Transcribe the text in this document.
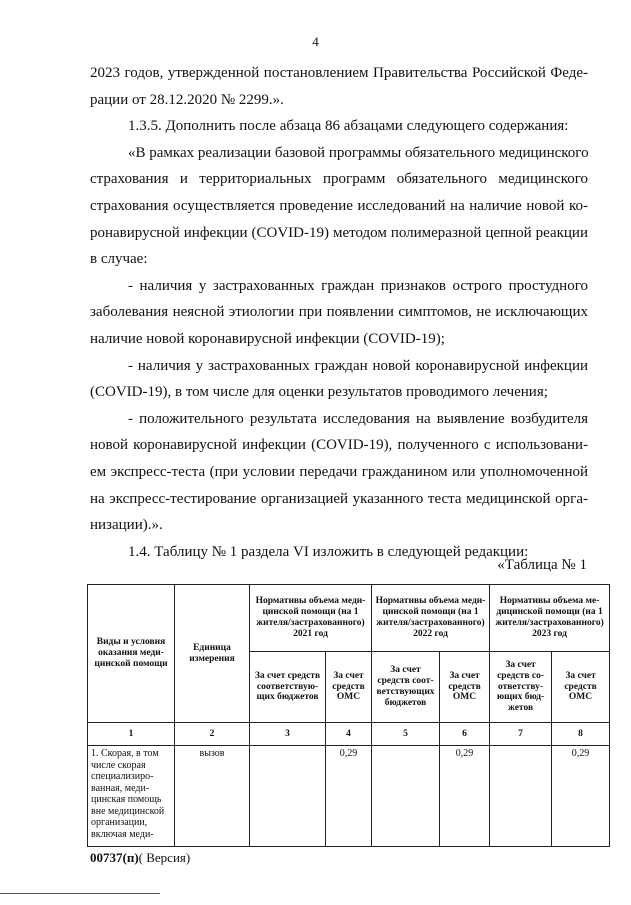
4
2023 годов, утвержденной постановлением Правительства Российской Феде-
рации от 28.12.2020 № 2299.».
1.3.5. Дополнить после абзаца 86 абзацами следующего содержания:
«В рамках реализации базовой программы обязательного медицинского
страхования и территориальных программ обязательного медицинского
страхования осуществляется проведение исследований на наличие новой ко-
ронавирусной инфекции (COVID-19) методом полимеразной цепной реакции
в случае:
- наличия у застрахованных граждан признаков острого простудного
заболевания неясной этиологии при появлении симптомов, не исключающих
наличие новой коронавирусной инфекции (COVID-19);
- наличия у застрахованных граждан новой коронавирусной инфекции
(COVID-19), в том числе для оценки результатов проводимого лечения;
- положительного результата исследования на выявление возбудителя
новой коронавирусной инфекции (COVID-19), полученного с использовани-
ем экспресс-теста (при условии передачи гражданином или уполномоченной
на экспресс-тестирование организацией указанного теста медицинской орга-
низации).».
1.4. Таблицу № 1 раздела VI изложить в следующей редакции:
«Таблица № 1
Виды и условия оказания меди-цинской помощи	Единица измерения	Нормативы объема меди-цинской помощи (на 1 жителя/застрахованного) 2021 год		Нормативы объема меди-цинской помощи (на 1 жителя/застрахованного) 2022 год		Нормативы объема ме-дицинской помощи (на 1 жителя/застрахованного) 2023 год	
		За счет средств соответствую-щих бюджетов	За счет средств ОМС	За счет средств соот-ветствующих бюджетов	За счет средств ОМС	За счет средств со-ответству-ющих бюд-жетов	За счет средств ОМС
1	2	3	4	5	6	7	8
1. Скорая, в том числе скорая специализиро-ванная, меди-цинская помощь вне медицинской организации, включая меди-	вызов		0,29		0,29		0,29
00737(п)( Версия)
